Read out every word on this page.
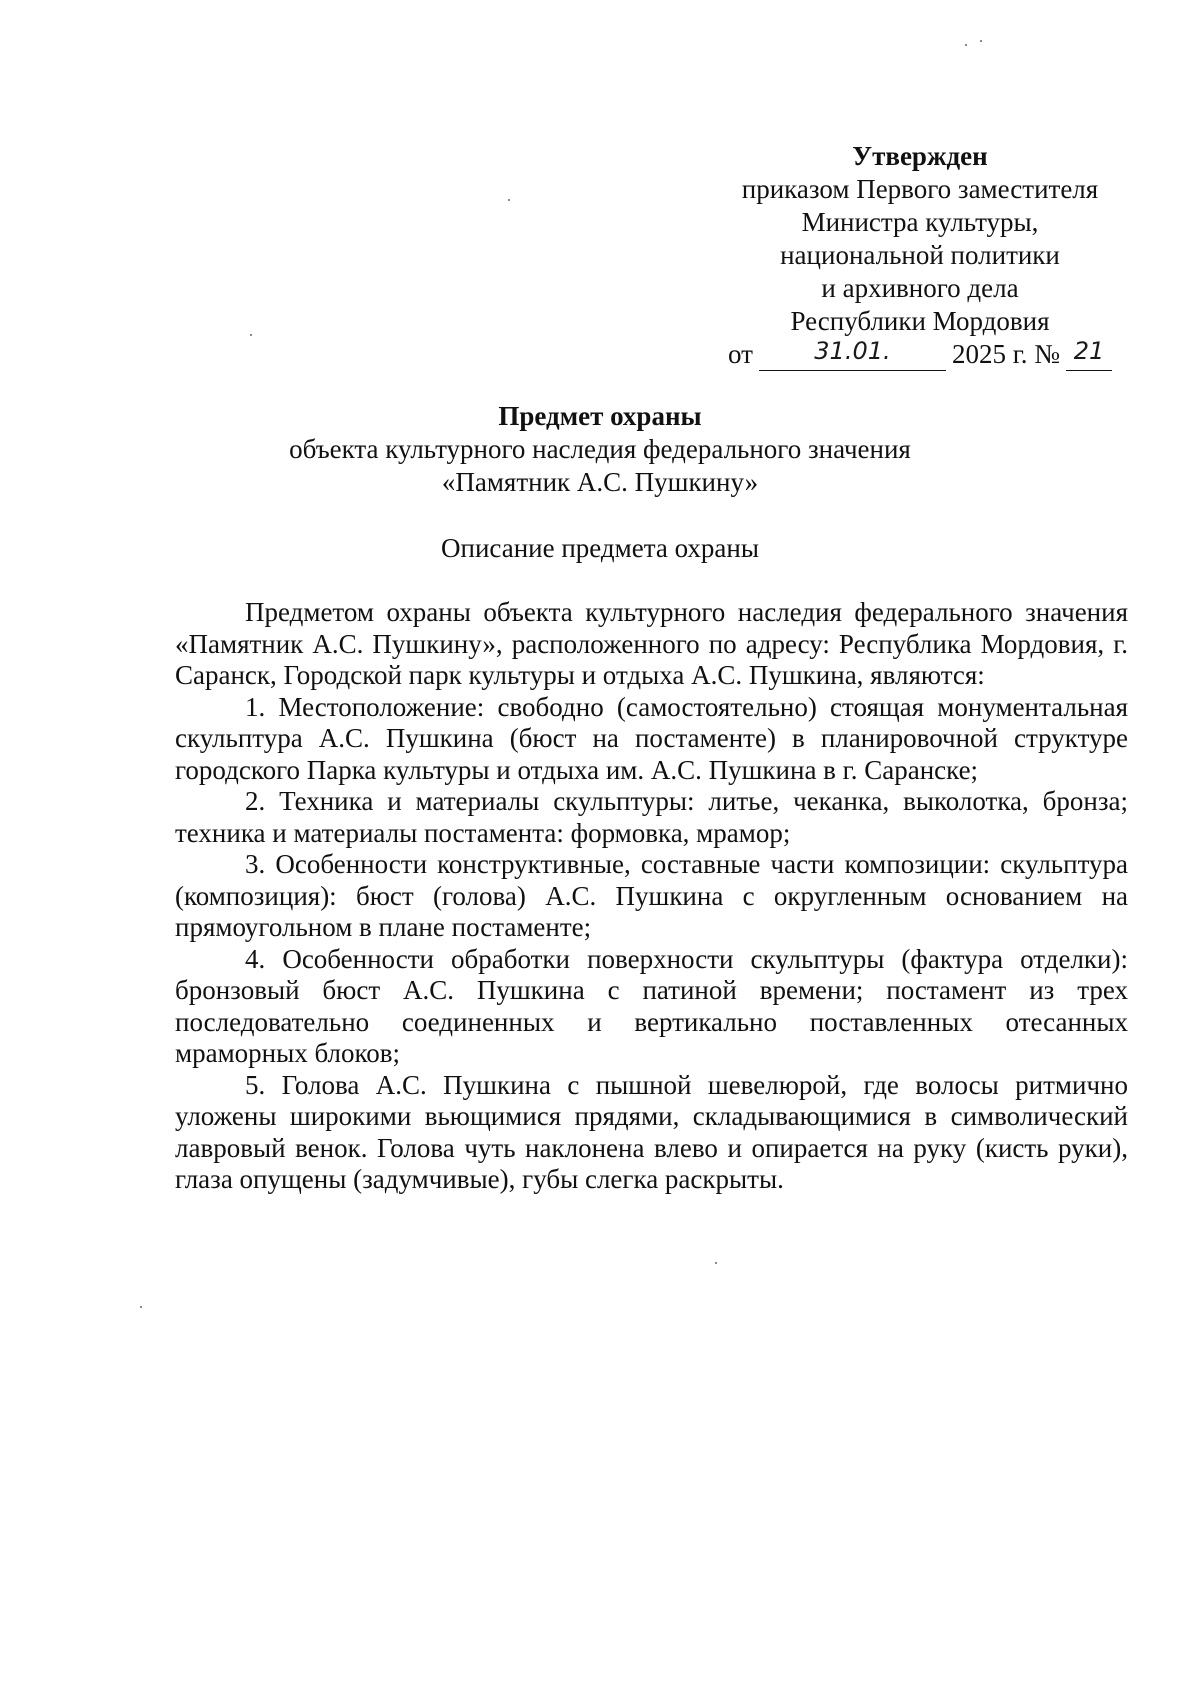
Утвержден
приказом Первого заместителя
Министра культуры,
национальной политики
и архивного дела
Республики Мордовия
от	31.01.	2025 г. № 21
Предмет охраны
объекта культурного наследия федерального значения
«Памятник А.С. Пушкину»
Описание предмета охраны

Предметом охраны объекта культурного наследия федерального значения «Памятник А.С. Пушкину», расположенного по адресу: Республика Мордовия, г. Саранск, Городской парк культуры и отдыха А.С. Пушкина, являются:

1. Местоположение: свободно (самостоятельно) стоящая монументальная скульптура А.С. Пушкина (бюст на постаменте) в планировочной структуре городского Парка культуры и отдыха им. А.С. Пушкина в г. Саранске;

2. Техника и материалы скульптуры: литье, чеканка, выколотка, бронза; техника и материалы постамента: формовка, мрамор;

3. Особенности конструктивные, составные части композиции: скульптура (композиция): бюст (голова) А.С. Пушкина с округленным основанием на прямоугольном в плане постаменте;

4. Особенности обработки поверхности скульптуры (фактура отделки): бронзовый бюст А.С. Пушкина с патиной времени; постамент из трех последовательно соединенных и вертикально поставленных отесанных мраморных блоков;

5. Голова А.С. Пушкина с пышной шевелюрой, где волосы ритмично уложены широкими вьющимися прядями, складывающимися в символический лавровый венок. Голова чуть наклонена влево и опирается на руку (кисть руки), глаза опущены (задумчивые), губы слегка раскрыты.
